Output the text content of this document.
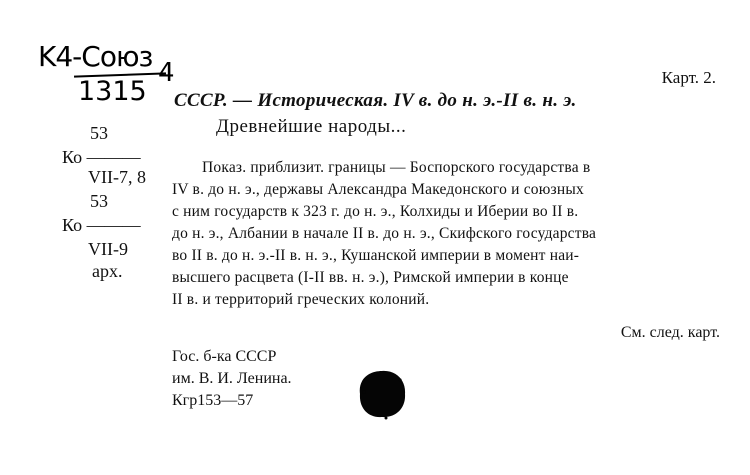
K4-Союз
1315
4	Карт. 2.
СССР. — Историческая. IV в. до н. э.-II в. н. э.
Древнейшие народы...
53
Ко ———
VII-7, 8
53
Ко ———
VII-9
арх.
Показ. приблизит. границы — Боспорского государства в
IV в. до н. э., державы Александра Македонского и союзных
с ним государств к 323 г. до н. э., Колхиды и Иберии во II в.
до н. э., Албании в начале II в. до н. э., Скифского государства
во II в. до н. э.-II в. н. э., Кушанской империи в момент наи-
высшего расцвета (I-II вв. н. э.), Римской империи в конце
II в. и территорий греческих колоний.
См. след. карт.
Гос. б-ка СССР
им. В. И. Ленина.
Кгр153—57
